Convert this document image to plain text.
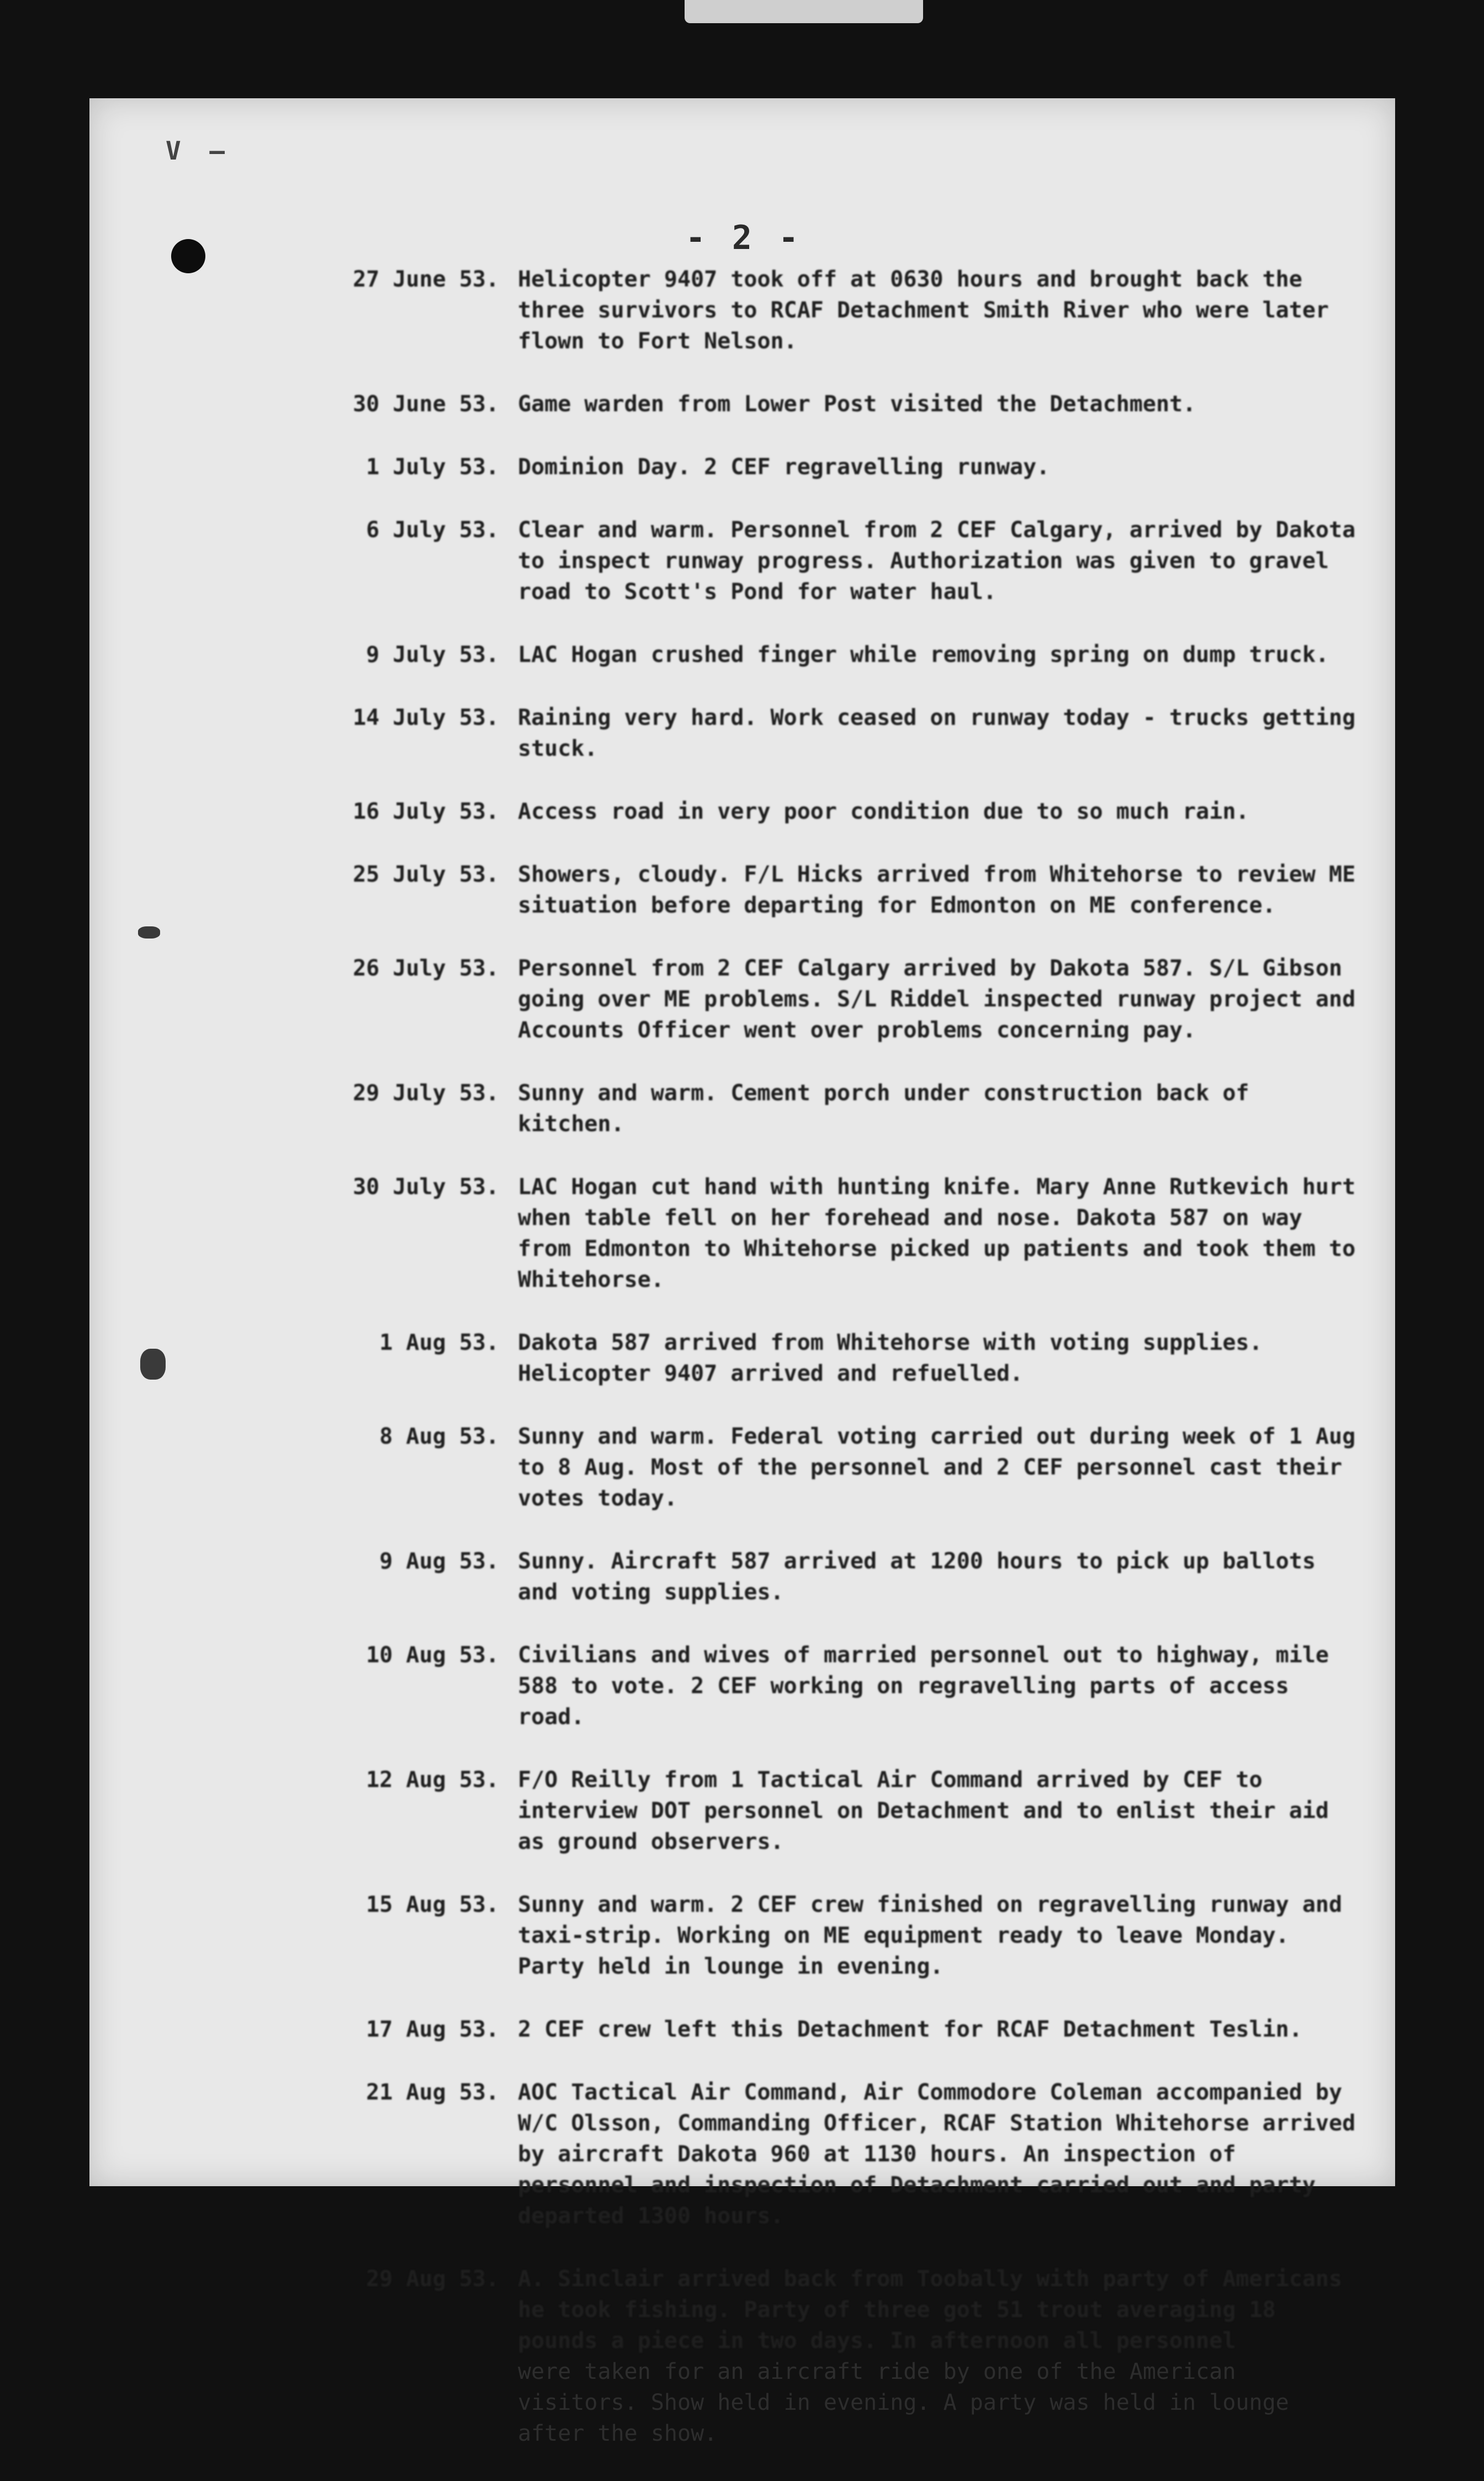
V —
- 2 -
27 June 53. Helicopter 9407 took off at 0630 hours and brought back the three survivors to RCAF Detachment Smith River who were later flown to Fort Nelson.
30 June 53. Game warden from Lower Post visited the Detachment.
1 July 53. Dominion Day. 2 CEF regravelling runway.
6 July 53. Clear and warm. Personnel from 2 CEF Calgary, arrived by Dakota to inspect runway progress. Authorization was given to gravel road to Scott's Pond for water haul.
9 July 53. LAC Hogan crushed finger while removing spring on dump truck.
14 July 53. Raining very hard. Work ceased on runway today - trucks getting stuck.
16 July 53. Access road in very poor condition due to so much rain.
25 July 53. Showers, cloudy. F/L Hicks arrived from Whitehorse to review ME situation before departing for Edmonton on ME conference.
26 July 53. Personnel from 2 CEF Calgary arrived by Dakota 587. S/L Gibson going over ME problems. S/L Riddel inspected runway project and Accounts Officer went over problems concerning pay.
29 July 53. Sunny and warm. Cement porch under construction back of kitchen.
30 July 53. LAC Hogan cut hand with hunting knife. Mary Anne Rutkevich hurt when table fell on her forehead and nose. Dakota 587 on way from Edmonton to Whitehorse picked up patients and took them to Whitehorse.
1 Aug 53. Dakota 587 arrived from Whitehorse with voting supplies. Helicopter 9407 arrived and refuelled.
8 Aug 53. Sunny and warm. Federal voting carried out during week of 1 Aug to 8 Aug. Most of the personnel and 2 CEF personnel cast their votes today.
9 Aug 53. Sunny. Aircraft 587 arrived at 1200 hours to pick up ballots and voting supplies.
10 Aug 53. Civilians and wives of married personnel out to highway, mile 588 to vote. 2 CEF working on regravelling parts of access road.
12 Aug 53. F/O Reilly from 1 Tactical Air Command arrived by CEF to interview DOT personnel on Detachment and to enlist their aid as ground observers.
15 Aug 53. Sunny and warm. 2 CEF crew finished on regravelling runway and taxi-strip. Working on ME equipment ready to leave Monday. Party held in lounge in evening.
17 Aug 53. 2 CEF crew left this Detachment for RCAF Detachment Teslin.
21 Aug 53. AOC Tactical Air Command, Air Commodore Coleman accompanied by W/C Olsson, Commanding Officer, RCAF Station Whitehorse arrived by aircraft Dakota 960 at 1130 hours. An inspection of personnel and inspection of Detachment carried out and party departed 1300 hours.
29 Aug 53. A. Sinclair arrived back from Toobally with party of Americans he took fishing. Party of three got 51 trout averaging 18 pounds a piece in two days. In afternoon all personnel
were taken for an aircraft ride by one of the American visitors. Show held in evening. A party was held in lounge after the show.
